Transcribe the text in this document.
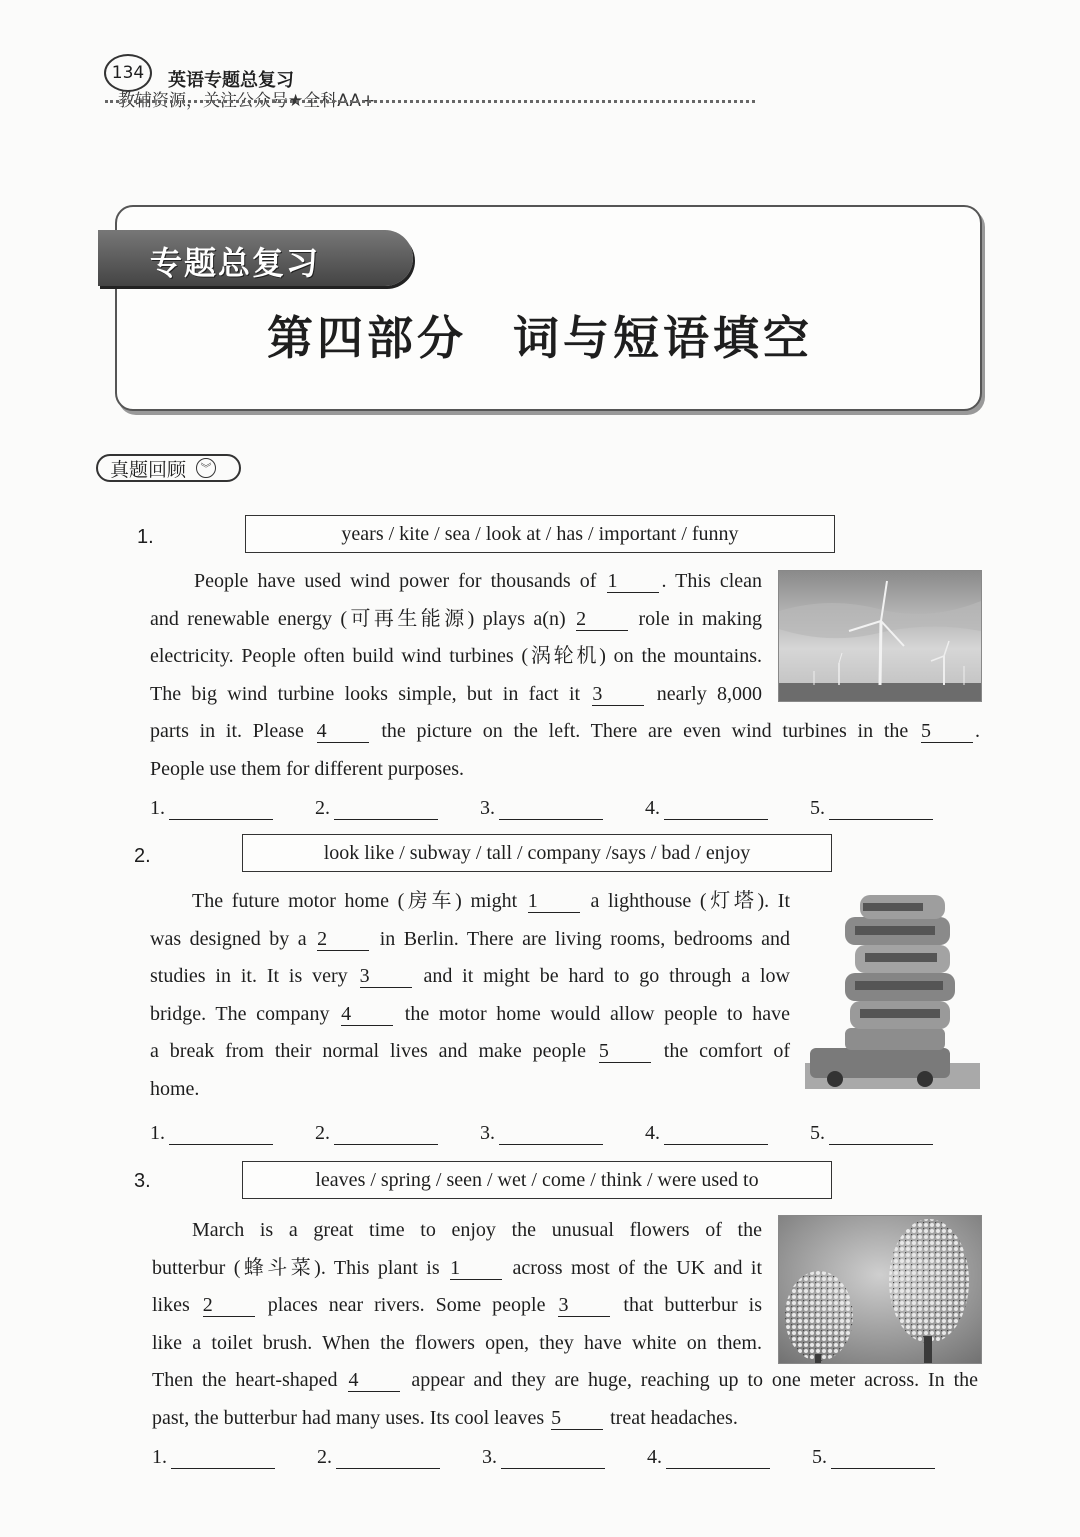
134	英语专题总复习
教辅资源，关注公众号★全科AA+
专题总复习
第四部分 词与短语填空
真题回顾	︾
1.	years / kite / sea / look at / has / important / funny
People have used wind power for thousands of 1 . This clean
and renewable energy (可再生能源) plays a(n) 2	role in making
electricity. People often build wind turbines (涡轮机) on the mountains.
The big wind turbine looks simple, but in fact it 3	nearly 8,000
parts in it. Please 4	the picture on the left. There are even wind turbines in the 5 .
People use them for different purposes.
1.	2.	3.	4.	5.
2.	look like / subway / tall / company /says / bad / enjoy
The future motor home (房车) might 1	a lighthouse (灯塔). It
was designed by a 2	in Berlin. There are living rooms, bedrooms and
studies in it. It is very 3	and it might be hard to go through a low
bridge. The company 4	the motor home would allow people to have
a break from their normal lives and make people 5	the comfort of
home.
1.	2.	3.	4.	5.
3.	leaves / spring / seen / wet / come / think / were used to
March is a great time to enjoy the unusual flowers of the
butterbur (蜂斗菜). This plant is 1	across most of the UK and it
likes 2	places near rivers. Some people 3	that butterbur is
like a toilet brush. When the flowers open, they have white on them.
Then the heart-shaped 4	appear and they are huge, reaching up to one meter across. In the
past, the butterbur had many uses. Its cool leaves 5 treat headaches.
1.	2.	3.	4.	5.
